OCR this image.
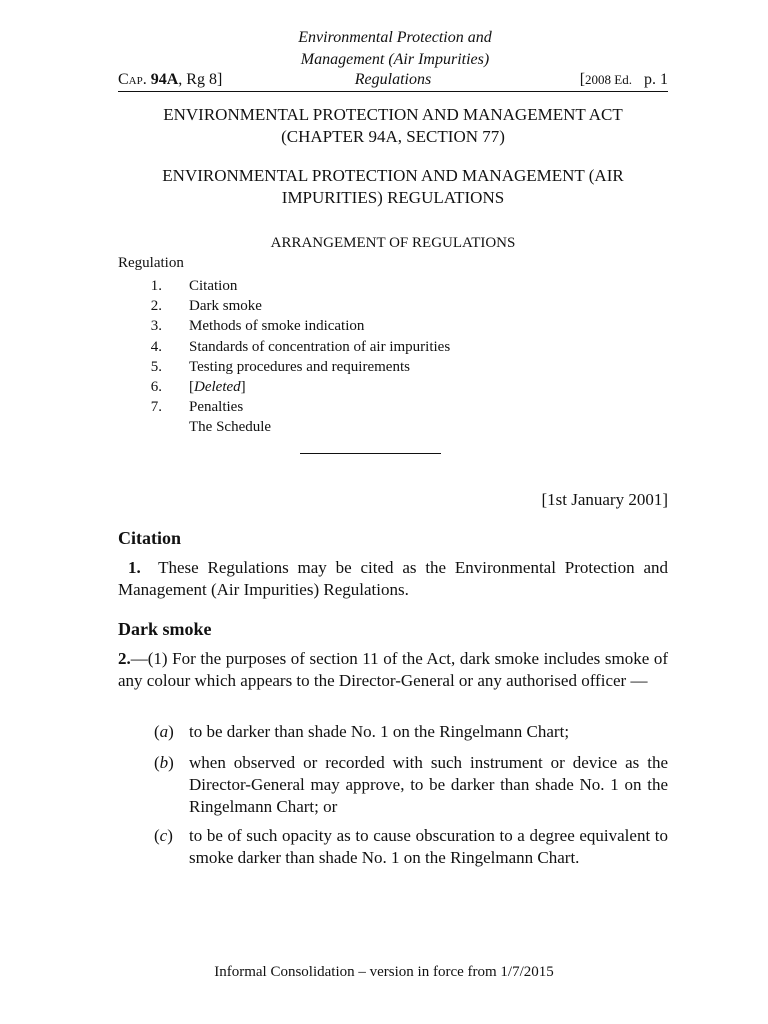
Environmental Protection and
Management (Air Impurities)
Regulations
Cap. 94A, Rg 8]	[2008 Ed. p. 1
ENVIRONMENTAL PROTECTION AND MANAGEMENT ACT
(CHAPTER 94A, SECTION 77)
ENVIRONMENTAL PROTECTION AND MANAGEMENT (AIR
IMPURITIES) REGULATIONS
ARRANGEMENT OF REGULATIONS
Regulation
1. Citation
2. Dark smoke
3. Methods of smoke indication
4. Standards of concentration of air impurities
5. Testing procedures and requirements
6. [Deleted]
7. Penalties
The Schedule
[1st January 2001]
Citation
1. These Regulations may be cited as the Environmental Protection and Management (Air Impurities) Regulations.
Dark smoke
2.—(1) For the purposes of section 11 of the Act, dark smoke includes smoke of any colour which appears to the Director-General or any authorised officer —
(a) to be darker than shade No. 1 on the Ringelmann Chart;
(b) when observed or recorded with such instrument or device as the Director-General may approve, to be darker than shade No. 1 on the Ringelmann Chart; or
(c) to be of such opacity as to cause obscuration to a degree equivalent to smoke darker than shade No. 1 on the Ringelmann Chart.
Informal Consolidation – version in force from 1/7/2015
